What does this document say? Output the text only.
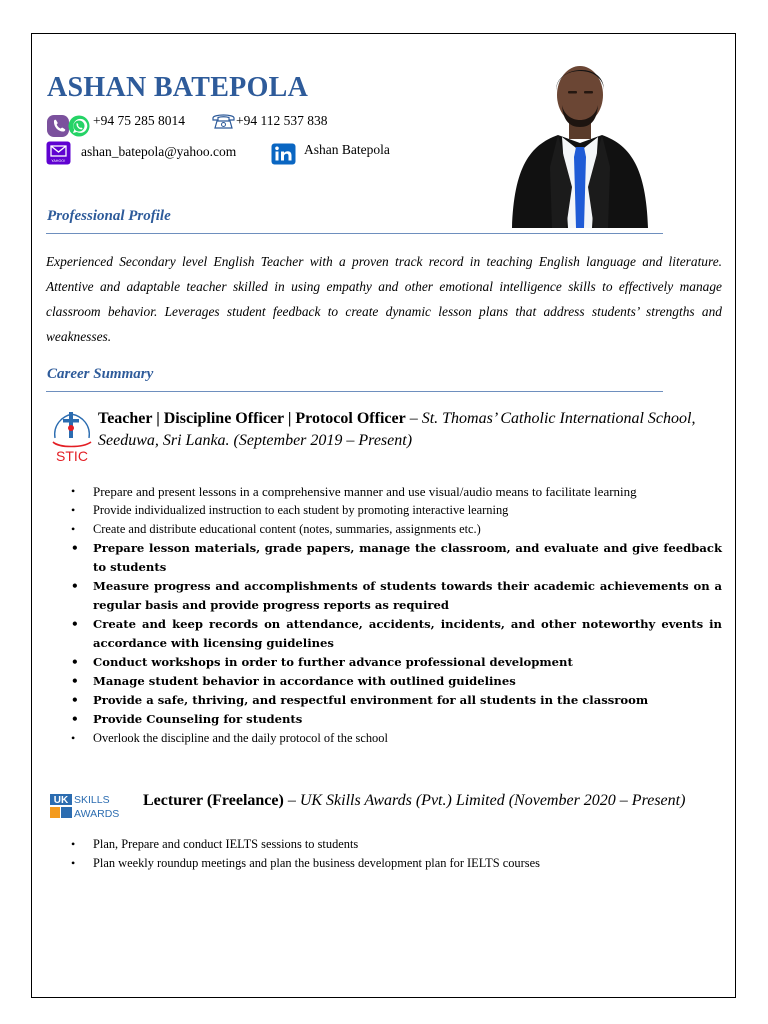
ASHAN BATEPOLA
+94 75 285 8014	+94 112 537 838
YAHOO!
ashan_batepola@yahoo.com	Ashan Batepola
Professional Profile

Experienced Secondary level English Teacher with a proven track record in teaching English language and literature. Attentive and adaptable teacher skilled in using empathy and other emotional intelligence skills to effectively manage classroom behavior. Leverages student feedback to create dynamic lesson plans that address students’ strengths and weaknesses.

Career Summary
STIC

Teacher | Discipline Officer | Protocol Officer – St. Thomas’ Catholic International School, Seeduwa, Sri Lanka. (September 2019 – Present)

• Prepare and present lessons in a comprehensive manner and use visual/audio means to facilitate learning
• Provide individualized instruction to each student by promoting interactive learning
• Create and distribute educational content (notes, summaries, assignments etc.)
• Prepare lesson materials, grade papers, manage the classroom, and evaluate and give feedback to students
• Measure progress and accomplishments of students towards their academic achievements on a regular basis and provide progress reports as required
• Create and keep records on attendance, accidents, incidents, and other noteworthy events in accordance with licensing guidelines
• Conduct workshops in order to further advance professional development
• Manage student behavior in accordance with outlined guidelines
• Provide a safe, thriving, and respectful environment for all students in the classroom
• Provide Counseling for students
• Overlook the discipline and the daily protocol of the school
UK SKILLS
AWARDS

Lecturer (Freelance) – UK Skills Awards (Pvt.) Limited (November 2020 – Present)

• Plan, Prepare and conduct IELTS sessions to students
• Plan weekly roundup meetings and plan the business development plan for IELTS courses
